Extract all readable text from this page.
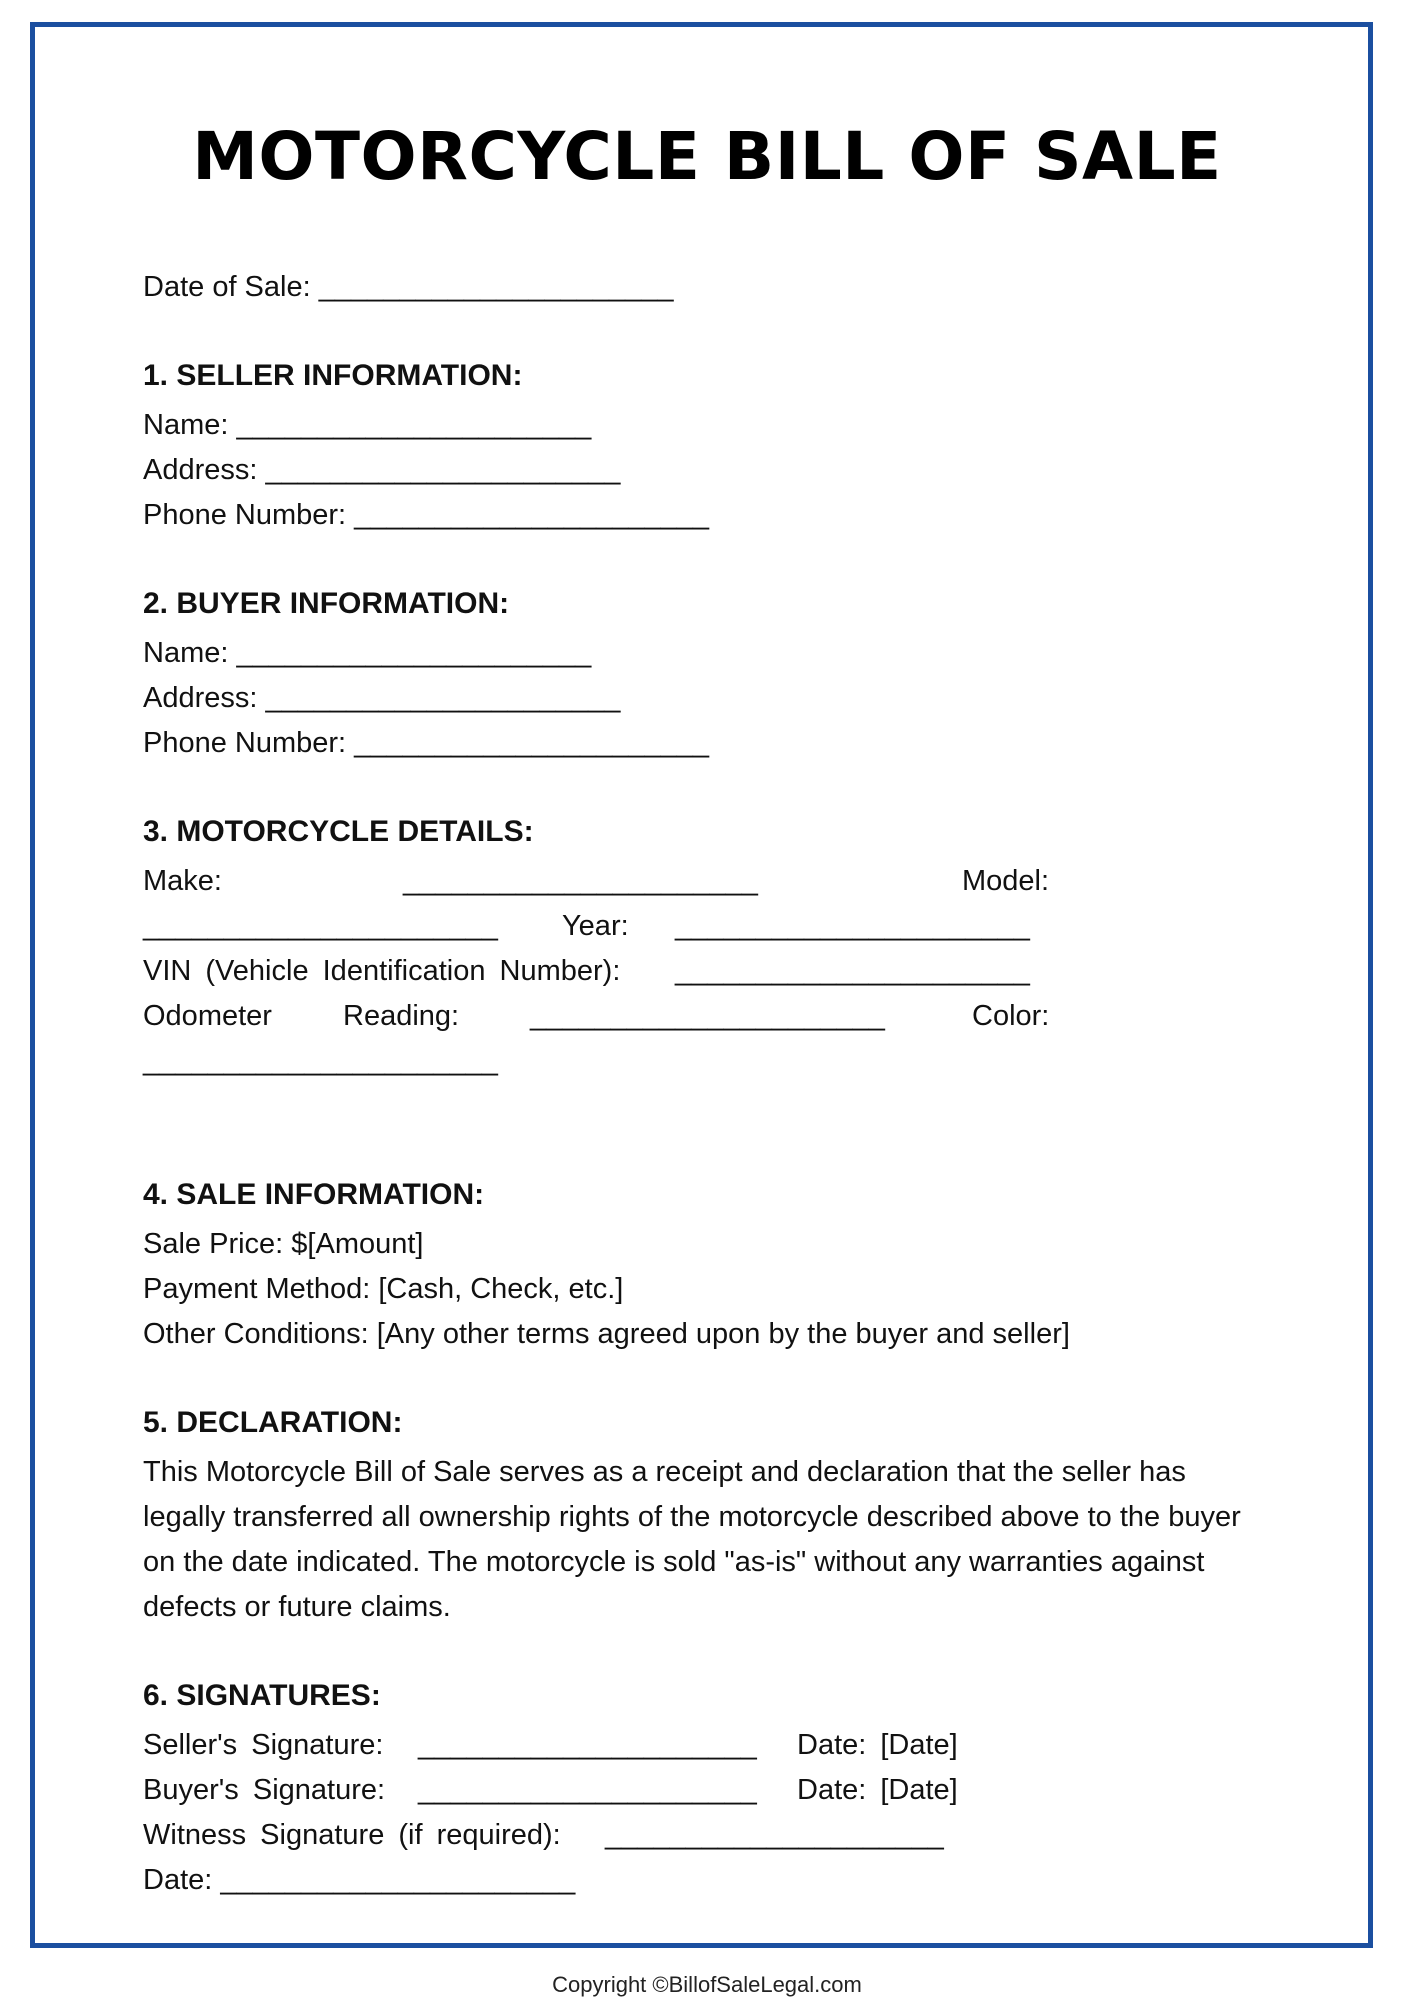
MOTORCYCLE BILL OF SALE
Date of Sale: ______________________
1. SELLER INFORMATION:
Name: ______________________
Address: ______________________
Phone Number: ______________________
2. BUYER INFORMATION:
Name: ______________________
Address: ______________________
Phone Number: ______________________
3. MOTORCYCLE DETAILS:
Make:	______________________	Model:
______________________ Year: ______________________
VIN (Vehicle Identification Number): ______________________
Odometer Reading: ______________________	Color:
______________________
4. SALE INFORMATION:
Sale Price: $[Amount]
Payment Method: [Cash, Check, etc.]
Other Conditions: [Any other terms agreed upon by the buyer and seller]
5. DECLARATION:
This Motorcycle Bill of Sale serves as a receipt and declaration that the seller has legally transferred all ownership rights of the motorcycle described above to the buyer on the date indicated. The motorcycle is sold "as-is" without any warranties against defects or future claims.
6. SIGNATURES:
Seller's Signature: _____________________ Date: [Date]
Buyer's Signature: _____________________ Date: [Date]
Witness Signature (if required): _____________________
Date: ______________________
Copyright ©BillofSaleLegal.com
